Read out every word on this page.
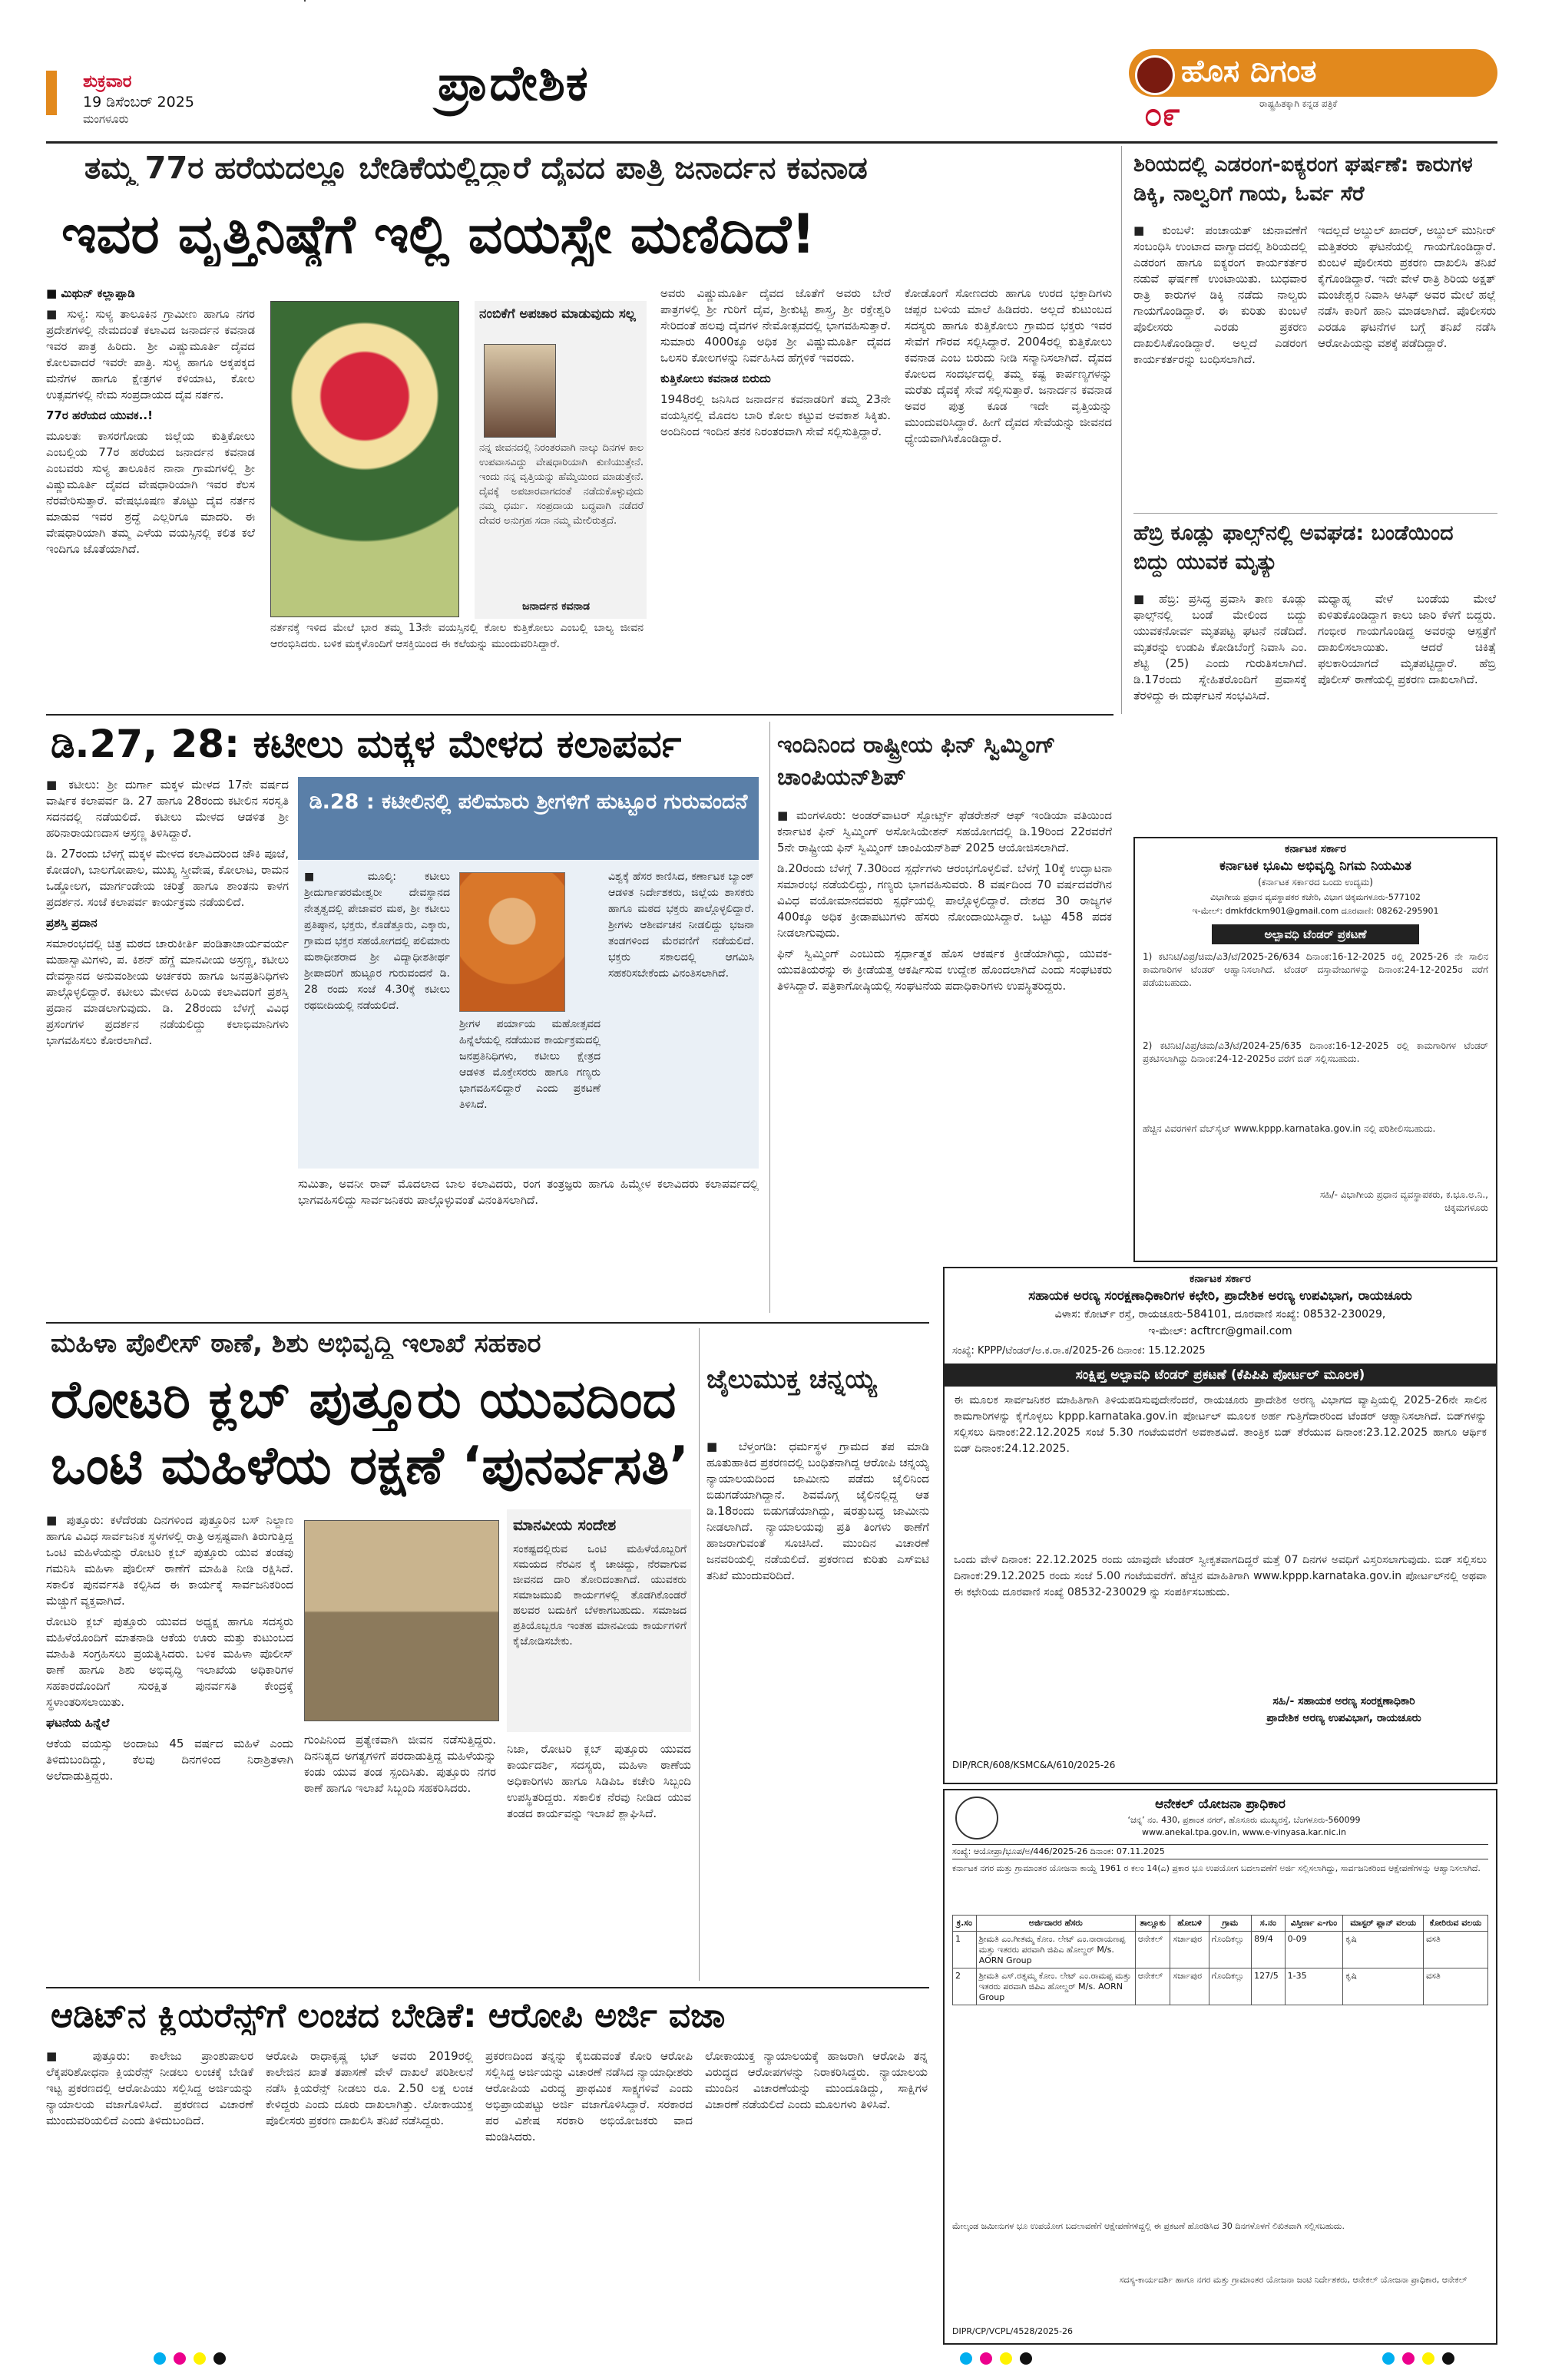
ಶುಕ್ರವಾರ
19 ಡಿಸೆಂಬರ್ 2025
ಮಂಗಳೂರು
ಪ್ರಾದೇಶಿಕ	ಹೊಸ ದಿಗಂತ
ರಾಷ್ಟ್ರಹಿತಕ್ಕಾಗಿ ಕನ್ನಡ ಪತ್ರಿಕೆ
೦೯
ತಮ್ಮ 77ರ ಹರೆಯದಲ್ಲೂ ಬೇಡಿಕೆಯಲ್ಲಿದ್ದಾರೆ ದೈವದ ಪಾತ್ರಿ ಜನಾರ್ದನ ಕವನಾಡ
ಇವರ ವೃತ್ತಿನಿಷ್ಠೆಗೆ ಇಲ್ಲಿ ವಯಸ್ಸೇ ಮಣಿದಿದೆ!

■ ಮಿಥುನ್ ಕಲ್ಲಾಪ್ಪಾಡಿ

■ ಸುಳ್ಯ: ಸುಳ್ಯ ತಾಲೂಕಿನ ಗ್ರಾಮೀಣ ಹಾಗೂ ನಗರ ಪ್ರದೇಶಗಳಲ್ಲಿ ನೇಮದಂತೆ ಕಲಾವಿದ ಜನಾರ್ದನ ಕವನಾಡ ಇವರ ಪಾತ್ರ ಹಿರಿದು. ಶ್ರೀ ವಿಷ್ಣುಮೂರ್ತಿ ದೈವದ ಕೋಲವಾದರೆ ಇವರೇ ಪಾತ್ರಿ. ಸುಳ್ಯ ಹಾಗೂ ಅಕ್ಕಪಕ್ಕದ ಮನೆಗಳ ಹಾಗೂ ಕ್ಷೇತ್ರಗಳ ಕಳಿಯಾಟ, ಕೋಲ ಉತ್ಸವಗಳಲ್ಲಿ ನೇಮ ಸಂಪ್ರದಾಯದ ದೈವ ನರ್ತನ.

77ರ ಹರೆಯದ ಯುವಕ..!

ಮೂಲತಃ ಕಾಸರಗೋಡು ಜಿಲ್ಲೆಯ ಕುತ್ತಿಕೋಲು ಎಂಬಲ್ಲಿಯ 77ರ ಹರೆಯದ ಜನಾರ್ದನ ಕವನಾಡ ಎಂಬವರು ಸುಳ್ಯ ತಾಲೂಕಿನ ನಾನಾ ಗ್ರಾಮಗಳಲ್ಲಿ ಶ್ರೀ ವಿಷ್ಣುಮೂರ್ತಿ ದೈವದ ವೇಷಧಾರಿಯಾಗಿ ಇವರ ಕೆಲಸ ನೆರವೇರಿಸುತ್ತಾರೆ. ವೇಷಭೂಷಣ ತೊಟ್ಟು ದೈವ ನರ್ತನ ಮಾಡುವ ಇವರ ಶ್ರದ್ಧೆ ಎಲ್ಲರಿಗೂ ಮಾದರಿ. ಈ ವೇಷಧಾರಿಯಾಗಿ ತಮ್ಮ ಎಳೆಯ ವಯಸ್ಸಿನಲ್ಲಿ ಕಲಿತ ಕಲೆ ಇಂದಿಗೂ ಜೊತೆಯಾಗಿದೆ.

ನರ್ತನಕ್ಕೆ ಇಳಿದ ಮೇಲೆ ಭಾರ ತಮ್ಮ 13ನೇ ವಯಸ್ಸಿನಲ್ಲಿ ಕೋಲ ಕುತ್ತಿಕೋಲು ಎಂಬಲ್ಲಿ ಬಾಲ್ಯ ಜೀವನ ಆರಂಭಿಸಿದರು. ಬಳಿಕ ಮಕ್ಕಳೊಂದಿಗೆ ಆಸಕ್ತಿಯಿಂದ ಈ ಕಲೆಯನ್ನು ಮುಂದುವರಿಸಿದ್ದಾರೆ.
ನಂಬಿಕೆಗೆ ಅಪಚಾರ ಮಾಡುವುದು ಸಲ್ಲ
ನನ್ನ ಜೀವನದಲ್ಲಿ ನಿರಂತರವಾಗಿ ನಾಲ್ಕು ದಿನಗಳ ಕಾಲ ಉಪವಾಸವಿದ್ದು ವೇಷಧಾರಿಯಾಗಿ ಕುಣಿಯುತ್ತೇನೆ. ಇಂದು ನನ್ನ ವೃತ್ತಿಯನ್ನು ಹೆಮ್ಮೆಯಿಂದ ಮಾಡುತ್ತೇನೆ. ದೈವಕ್ಕೆ ಅಪಚಾರವಾಗದಂತೆ ನಡೆದುಕೊಳ್ಳುವುದು ನಮ್ಮ ಧರ್ಮ. ಸಂಪ್ರದಾಯ ಬದ್ಧವಾಗಿ ನಡೆದರೆ ದೇವರ ಅನುಗ್ರಹ ಸದಾ ನಮ್ಮ ಮೇಲಿರುತ್ತದೆ.
ಜನಾರ್ದನ ಕವನಾಡ

ಅವರು ವಿಷ್ಣುಮೂರ್ತಿ ದೈವದ ಜೊತೆಗೆ ಅವರು ಬೇರೆ ಪಾತ್ರಗಳಲ್ಲಿ ಶ್ರೀ ಗುರಿಗೆ ದೈವ, ಶ್ರೀಕುಟ್ಟಿ ಶಾಸ್ತ್ರ, ಶ್ರೀ ರಕ್ತೇಶ್ವರಿ ಸೇರಿದಂತೆ ಹಲವು ದೈವಗಳ ನೇಮೋತ್ಸವದಲ್ಲಿ ಭಾಗವಹಿಸುತ್ತಾರೆ. ಸುಮಾರು 4000ಕ್ಕೂ ಅಧಿಕ ಶ್ರೀ ವಿಷ್ಣುಮೂರ್ತಿ ದೈವದ ಒಲಸರಿ ಕೋಲಗಳನ್ನು ನಿರ್ವಹಿಸಿದ ಹೆಗ್ಗಳಿಕೆ ಇವರದು.

ಕುತ್ತಿಕೋಲು ಕವನಾಡ ಬಿರುದು

1948ರಲ್ಲಿ ಜನಿಸಿದ ಜನಾರ್ದನ ಕವನಾಡರಿಗೆ ತಮ್ಮ 23ನೇ ವಯಸ್ಸಿನಲ್ಲಿ ಮೊದಲ ಬಾರಿ ಕೋಲ ಕಟ್ಟುವ ಅವಕಾಶ ಸಿಕ್ಕಿತು. ಅಂದಿನಿಂದ ಇಂದಿನ ತನಕ ನಿರಂತರವಾಗಿ ಸೇವೆ ಸಲ್ಲಿಸುತ್ತಿದ್ದಾರೆ.

ಕೋಡೊಂಗೆ ಸೋಣದರು ಹಾಗೂ ಉರದ ಭಕ್ತಾದಿಗಳು ಚಪ್ಪರ ಬಳಿಯ ಮಾಲೆ ಹಿಡಿದರು. ಅಲ್ಲದೆ ಕುಟುಂಬದ ಸದಸ್ಯರು ಹಾಗೂ ಕುತ್ತಿಕೋಲು ಗ್ರಾಮದ ಭಕ್ತರು ಇವರ ಸೇವೆಗೆ ಗೌರವ ಸಲ್ಲಿಸಿದ್ದಾರೆ. 2004ರಲ್ಲಿ ಕುತ್ತಿಕೋಲು ಕವನಾಡ ಎಂಬ ಬಿರುದು ನೀಡಿ ಸನ್ಮಾನಿಸಲಾಗಿದೆ. ದೈವದ ಕೋಲದ ಸಂದರ್ಭದಲ್ಲಿ ತಮ್ಮ ಕಷ್ಟ ಕಾರ್ಪಣ್ಯಗಳನ್ನು ಮರೆತು ದೈವಕ್ಕೆ ಸೇವೆ ಸಲ್ಲಿಸುತ್ತಾರೆ. ಜನಾರ್ದನ ಕವನಾಡ ಅವರ ಪುತ್ರ ಕೂಡ ಇದೇ ವೃತ್ತಿಯನ್ನು ಮುಂದುವರಿಸಿದ್ದಾರೆ. ಹೀಗೆ ದೈವದ ಸೇವೆಯನ್ನು ಜೀವನದ ಧ್ಯೇಯವಾಗಿಸಿಕೊಂಡಿದ್ದಾರೆ.
ಶಿರಿಯದಲ್ಲಿ ಎಡರಂಗ-ಐಕ್ಯರಂಗ ಘರ್ಷಣೆ: ಕಾರುಗಳ ಡಿಕ್ಕಿ, ನಾಲ್ವರಿಗೆ ಗಾಯ, ಓರ್ವ ಸೆರೆ
■ ಕುಂಬಳೆ: ಪಂಚಾಯತ್ ಚುನಾವಣೆಗೆ ಸಂಬಂಧಿಸಿ ಉಂಟಾದ ವಾಗ್ವಾದದಲ್ಲಿ ಶಿರಿಯದಲ್ಲಿ ಎಡರಂಗ ಹಾಗೂ ಐಕ್ಯರಂಗ ಕಾರ್ಯಕರ್ತರ ನಡುವೆ ಘರ್ಷಣೆ ಉಂಟಾಯಿತು. ಬುಧವಾರ ರಾತ್ರಿ ಕಾರುಗಳ ಡಿಕ್ಕಿ ನಡೆದು ನಾಲ್ವರು ಗಾಯಗೊಂಡಿದ್ದಾರೆ. ಈ ಕುರಿತು ಕುಂಬಳೆ ಪೊಲೀಸರು ಎರಡು ಪ್ರಕರಣ ದಾಖಲಿಸಿಕೊಂಡಿದ್ದಾರೆ. ಅಲ್ಲದೆ ಎಡರಂಗ ಕಾರ್ಯಕರ್ತರನ್ನು ಬಂಧಿಸಲಾಗಿದೆ.
ಇದಲ್ಲದೆ ಅಬ್ದುಲ್ ಖಾದರ್, ಅಬ್ದುಲ್ ಮುನೀರ್ ಮತ್ತಿತರರು ಘಟನೆಯಲ್ಲಿ ಗಾಯಗೊಂಡಿದ್ದಾರೆ. ಕುಂಬಳೆ ಪೊಲೀಸರು ಪ್ರಕರಣ ದಾಖಲಿಸಿ ತನಿಖೆ ಕೈಗೊಂಡಿದ್ದಾರೆ. ಇದೇ ವೇಳೆ ರಾತ್ರಿ ಶಿರಿಯ ಅಕ್ಷತ್ ಮಂಜೇಶ್ವರ ನಿವಾಸಿ ಆಸಿಫ್ ಅವರ ಮೇಲೆ ಹಲ್ಲೆ ನಡೆಸಿ ಕಾರಿಗೆ ಹಾನಿ ಮಾಡಲಾಗಿದೆ. ಪೊಲೀಸರು ಎರಡೂ ಘಟನೆಗಳ ಬಗ್ಗೆ ತನಿಖೆ ನಡೆಸಿ ಆರೋಪಿಯನ್ನು ವಶಕ್ಕೆ ಪಡೆದಿದ್ದಾರೆ.
ಹೆಬ್ರಿ ಕೂಡ್ಲು ಫಾಲ್ಸ್‌ನಲ್ಲಿ ಅವಘಡ: ಬಂಡೆಯಿಂದ ಬಿದ್ದು ಯುವಕ ಮೃತ್ಯು
■ ಹೆಬ್ರಿ: ಪ್ರಸಿದ್ಧ ಪ್ರವಾಸಿ ತಾಣ ಕೂಡ್ಲು ಫಾಲ್ಸ್‌ನಲ್ಲಿ ಬಂಡೆ ಮೇಲಿಂದ ಬಿದ್ದು ಯುವಕನೋರ್ವ ಮೃತಪಟ್ಟ ಘಟನೆ ನಡೆದಿದೆ. ಮೃತರನ್ನು ಉಡುಪಿ ಕೋಡಿಬೆಂಗ್ರೆ ನಿವಾಸಿ ಎಂ. ಶೆಟ್ಟಿ (25) ಎಂದು ಗುರುತಿಸಲಾಗಿದೆ. ಡಿ.17ರಂದು ಸ್ನೇಹಿತರೊಂದಿಗೆ ಪ್ರವಾಸಕ್ಕೆ ತೆರಳಿದ್ದು ಈ ದುರ್ಘಟನೆ ಸಂಭವಿಸಿದೆ.
ಮಧ್ಯಾಹ್ನ ವೇಳೆ ಬಂಡೆಯ ಮೇಲೆ ಕುಳಿತುಕೊಂಡಿದ್ದಾಗ ಕಾಲು ಜಾರಿ ಕೆಳಗೆ ಬಿದ್ದರು. ಗಂಭೀರ ಗಾಯಗೊಂಡಿದ್ದ ಅವರನ್ನು ಆಸ್ಪತ್ರೆಗೆ ದಾಖಲಿಸಲಾಯಿತು. ಆದರೆ ಚಿಕಿತ್ಸೆ ಫಲಕಾರಿಯಾಗದೆ ಮೃತಪಟ್ಟಿದ್ದಾರೆ. ಹೆಬ್ರಿ ಪೊಲೀಸ್ ಠಾಣೆಯಲ್ಲಿ ಪ್ರಕರಣ ದಾಖಲಾಗಿದೆ.
ಡಿ.27, 28: ಕಟೀಲು ಮಕ್ಕಳ ಮೇಳದ ಕಲಾಪರ್ವ

■ ಕಟೀಲು: ಶ್ರೀ ದುರ್ಗಾ ಮಕ್ಕಳ ಮೇಳದ 17ನೇ ವರ್ಷದ ವಾರ್ಷಿಕ ಕಲಾಪರ್ವ ಡಿ. 27 ಹಾಗೂ 28ರಂದು ಕಟೀಲಿನ ಸರಸ್ವತಿ ಸದನದಲ್ಲಿ ನಡೆಯಲಿದೆ. ಕಟೀಲು ಮೇಳದ ಆಡಳಿತ ಶ್ರೀ ಹರಿನಾರಾಯಣದಾಸ ಆಸ್ರಣ್ಣ ತಿಳಿಸಿದ್ದಾರೆ.

ಡಿ. 27ರಂದು ಬೆಳಗ್ಗೆ ಮಕ್ಕಳ ಮೇಳದ ಕಲಾವಿದರಿಂದ ಚೌಕಿ ಪೂಜೆ, ಕೋಡಂಗಿ, ಬಾಲಗೋಪಾಲ, ಮುಖ್ಯ ಸ್ತ್ರೀವೇಷ, ಕೋಲಾಟ, ರಾಮನ ಒಡ್ಡೋಲಗ, ಮಾರ್ಗಂಡೇಯ ಚರಿತ್ರೆ ಹಾಗೂ ಶಾಂತನು ಕಾಳಗ ಪ್ರದರ್ಶನ. ಸಂಜೆ ಕಲಾಪರ್ವ ಕಾರ್ಯಕ್ರಮ ನಡೆಯಲಿದೆ.

ಪ್ರಶಸ್ತಿ ಪ್ರದಾನ

ಸಮಾರಂಭದಲ್ಲಿ ಚಿತ್ರ ಮಠದ ಚಾರುಕೀರ್ತಿ ಪಂಡಿತಾಚಾರ್ಯವರ್ಯ ಮಹಾಸ್ವಾಮಿಗಳು, ಪ. ಕಿಶನ್ ಹೆಗ್ಡೆ ಮಾನವೀಯ ಅಸ್ರಣ್ಣ, ಕಟೀಲು ದೇವಸ್ಥಾನದ ಅನುವಂಶೀಯ ಅರ್ಚಕರು ಹಾಗೂ ಜನಪ್ರತಿನಿಧಿಗಳು ಪಾಲ್ಗೊಳ್ಳಲಿದ್ದಾರೆ. ಕಟೀಲು ಮೇಳದ ಹಿರಿಯ ಕಲಾವಿದರಿಗೆ ಪ್ರಶಸ್ತಿ ಪ್ರದಾನ ಮಾಡಲಾಗುವುದು. ಡಿ. 28ರಂದು ಬೆಳಗ್ಗೆ ವಿವಿಧ ಪ್ರಸಂಗಗಳ ಪ್ರದರ್ಶನ ನಡೆಯಲಿದ್ದು ಕಲಾಭಿಮಾನಿಗಳು ಭಾಗವಹಿಸಲು ಕೋರಲಾಗಿದೆ.

ಡಿ.28 : ಕಟೀಲಿನಲ್ಲಿ ಪಲಿಮಾರು ಶ್ರೀಗಳಿಗೆ ಹುಟ್ಟೂರ ಗುರುವಂದನೆ
■ ಮೂಲ್ಕಿ: ಕಟೀಲು ಶ್ರೀದುರ್ಗಾಪರಮೇಶ್ವರೀ ದೇವಸ್ಥಾನದ ನೇತೃತ್ವದಲ್ಲಿ ಪೇಜಾವರ ಮಠ, ಶ್ರೀ ಕಟೀಲು ಪ್ರತಿಷ್ಠಾನ, ಭಕ್ತರು, ಕೊಡೆತ್ತೂರು, ಎಕ್ಕಾರು, ಗ್ರಾಮದ ಭಕ್ತರ ಸಹಯೋಗದಲ್ಲಿ ಪಲಿಮಾರು ಮಠಾಧೀಶರಾದ ಶ್ರೀ ವಿದ್ಯಾಧೀಶತೀರ್ಥ ಶ್ರೀಪಾದರಿಗೆ ಹುಟ್ಟೂರ ಗುರುವಂದನೆ ಡಿ. 28 ರಂದು ಸಂಜೆ 4.30ಕ್ಕೆ ಕಟೀಲು ರಥಬೀದಿಯಲ್ಲಿ ನಡೆಯಲಿದೆ.
ಶ್ರೀಗಳ ಪರ್ಯಾಯ ಮಹೋತ್ಸವದ ಹಿನ್ನೆಲೆಯಲ್ಲಿ ನಡೆಯುವ ಕಾರ್ಯಕ್ರಮದಲ್ಲಿ ಜನಪ್ರತಿನಿಧಿಗಳು, ಕಟೀಲು ಕ್ಷೇತ್ರದ ಆಡಳಿತ ಮೊಕ್ತೇಸರರು ಹಾಗೂ ಗಣ್ಯರು ಭಾಗವಹಿಸಲಿದ್ದಾರೆ ಎಂದು ಪ್ರಕಟಣೆ ತಿಳಿಸಿದೆ.
ವಿಶ್ವಕ್ಕೆ ಹೆಸರ ಕಾಣಿಸಿದ, ಕರ್ಣಾಟಕ ಬ್ಯಾಂಕ್ ಆಡಳಿತ ನಿರ್ದೇಶಕರು, ಜಿಲ್ಲೆಯ ಶಾಸಕರು ಹಾಗೂ ಮಠದ ಭಕ್ತರು ಪಾಲ್ಗೊಳ್ಳಲಿದ್ದಾರೆ. ಶ್ರೀಗಳು ಆಶೀರ್ವಚನ ನೀಡಲಿದ್ದು ಭಜನಾ ತಂಡಗಳಿಂದ ಮೆರವಣಿಗೆ ನಡೆಯಲಿದೆ. ಭಕ್ತರು ಸಕಾಲದಲ್ಲಿ ಆಗಮಿಸಿ ಸಹಕರಿಸಬೇಕೆಂದು ವಿನಂತಿಸಲಾಗಿದೆ.
ಸುಮಿತಾ, ಅವನೀ ರಾವ್ ಮೊದಲಾದ ಬಾಲ ಕಲಾವಿದರು, ರಂಗ ತಂತ್ರಜ್ಞರು ಹಾಗೂ ಹಿಮ್ಮೇಳ ಕಲಾವಿದರು ಕಲಾಪರ್ವದಲ್ಲಿ ಭಾಗವಹಿಸಲಿದ್ದು ಸಾರ್ವಜನಿಕರು ಪಾಲ್ಗೊಳ್ಳುವಂತೆ ವಿನಂತಿಸಲಾಗಿದೆ.
ಇಂದಿನಿಂದ ರಾಷ್ಟ್ರೀಯ ಫಿನ್ ಸ್ವಿಮ್ಮಿಂಗ್ ಚಾಂಪಿಯನ್‌ಶಿಪ್

■ ಮಂಗಳೂರು: ಅಂಡರ್‌ವಾಟರ್ ಸ್ಪೋರ್ಟ್ಸ್ ಫೆಡರೇಶನ್ ಆಫ್ ಇಂಡಿಯಾ ವತಿಯಿಂದ ಕರ್ನಾಟಕ ಫಿನ್ ಸ್ವಿಮ್ಮಿಂಗ್ ಅಸೋಸಿಯೇಶನ್ ಸಹಯೋಗದಲ್ಲಿ ಡಿ.19ರಿಂದ 22ರವರೆಗೆ 5ನೇ ರಾಷ್ಟ್ರೀಯ ಫಿನ್ ಸ್ವಿಮ್ಮಿಂಗ್ ಚಾಂಪಿಯನ್‌ಶಿಪ್ 2025 ಆಯೋಜಿಸಲಾಗಿದೆ.

ಡಿ.20ರಂದು ಬೆಳಗ್ಗೆ 7.30ರಿಂದ ಸ್ಪರ್ಧೆಗಳು ಆರಂಭಗೊಳ್ಳಲಿವೆ. ಬೆಳಗ್ಗೆ 10ಕ್ಕೆ ಉದ್ಘಾಟನಾ ಸಮಾರಂಭ ನಡೆಯಲಿದ್ದು, ಗಣ್ಯರು ಭಾಗವಹಿಸುವರು. 8 ವರ್ಷದಿಂದ 70 ವರ್ಷದವರೆಗಿನ ವಿವಿಧ ವಯೋಮಾನದವರು ಸ್ಪರ್ಧೆಯಲ್ಲಿ ಪಾಲ್ಗೊಳ್ಳಲಿದ್ದಾರೆ. ದೇಶದ 30 ರಾಜ್ಯಗಳ 400ಕ್ಕೂ ಅಧಿಕ ಕ್ರೀಡಾಪಟುಗಳು ಹೆಸರು ನೋಂದಾಯಿಸಿದ್ದಾರೆ. ಒಟ್ಟು 458 ಪದಕ ನೀಡಲಾಗುವುದು.

ಫಿನ್ ಸ್ವಿಮ್ಮಿಂಗ್ ಎಂಬುದು ಸ್ಪರ್ಧಾತ್ಮಕ ಹೊಸ ಆಕರ್ಷಕ ಕ್ರೀಡೆಯಾಗಿದ್ದು, ಯುವಕ-ಯುವತಿಯರನ್ನು ಈ ಕ್ರೀಡೆಯತ್ತ ಆಕರ್ಷಿಸುವ ಉದ್ದೇಶ ಹೊಂದಲಾಗಿದೆ ಎಂದು ಸಂಘಟಕರು ತಿಳಿಸಿದ್ದಾರೆ. ಪತ್ರಿಕಾಗೋಷ್ಠಿಯಲ್ಲಿ ಸಂಘಟನೆಯ ಪದಾಧಿಕಾರಿಗಳು ಉಪಸ್ಥಿತರಿದ್ದರು.

ಕರ್ನಾಟಕ ಸರ್ಕಾರ
ಕರ್ನಾಟಕ ಭೂಮಿ ಅಭಿವೃದ್ಧಿ ನಿಗಮ ನಿಯಮಿತ
(ಕರ್ನಾಟಕ ಸರ್ಕಾರದ ಒಂದು ಉದ್ಯಮ)
ವಿಭಾಗೀಯ ಪ್ರಧಾನ ವ್ಯವಸ್ಥಾಪಕರ ಕಚೇರಿ, ವಿಭಾಗ ಚಿಕ್ಕಮಗಳೂರು-577102
ಇ-ಮೇಲ್: dmkfdckm901@gmail.com ದೂರವಾಣಿ: 08262-295901
ಅಲ್ಪಾವಧಿ ಟೆಂಡರ್ ಪ್ರಕಟಣೆ
1) ಕಟಿನಿಟಿ/ವಿಪ್ರ/ಚಿಮ/ವಿ3/ಟೆ/2025-26/634 ದಿನಾಂಕ:16-12-2025 ರಲ್ಲಿ 2025-26 ನೇ ಸಾಲಿನ ಕಾಮಗಾರಿಗಳ ಟೆಂಡರ್ ಆಹ್ವಾನಿಸಲಾಗಿದೆ. ಟೆಂಡರ್ ದಸ್ತಾವೇಜುಗಳನ್ನು ದಿನಾಂಕ:24-12-2025ರ ವರೆಗೆ ಪಡೆಯಬಹುದು.
2) ಕಟಿನಿಟಿ/ವಿಪ್ರ/ಚಿಮ/ವಿ3/ಟೆ/2024-25/635 ದಿನಾಂಕ:16-12-2025 ರಲ್ಲಿ ಕಾಮಗಾರಿಗಳ ಟೆಂಡರ್ ಪ್ರಕಟಿಸಲಾಗಿದ್ದು ದಿನಾಂಕ:24-12-2025ರ ವರೆಗೆ ಬಿಡ್ ಸಲ್ಲಿಸಬಹುದು.
ಹೆಚ್ಚಿನ ವಿವರಗಳಿಗೆ ವೆಬ್‌ಸೈಟ್ www.kppp.karnataka.gov.in ನಲ್ಲಿ ಪರಿಶೀಲಿಸಬಹುದು.
ಸಹಿ/- ವಿಭಾಗೀಯ ಪ್ರಧಾನ ವ್ಯವಸ್ಥಾಪಕರು, ಕ.ಭೂ.ಅ.ನಿ., ಚಿಕ್ಕಮಗಳೂರು
ಮಹಿಳಾ ಪೊಲೀಸ್ ಠಾಣೆ, ಶಿಶು ಅಭಿವೃದ್ಧಿ ಇಲಾಖೆ ಸಹಕಾರ
ರೋಟರಿ ಕ್ಲಬ್ ಪುತ್ತೂರು ಯುವದಿಂದ
ಒಂಟಿ ಮಹಿಳೆಯ ರಕ್ಷಣೆ ‘ಪುನರ್ವಸತಿ’

■ ಪುತ್ತೂರು: ಕಳೆದೆರಡು ದಿನಗಳಿಂದ ಪುತ್ತೂರಿನ ಬಸ್ ನಿಲ್ದಾಣ ಹಾಗೂ ವಿವಿಧ ಸಾರ್ವಜನಿಕ ಸ್ಥಳಗಳಲ್ಲಿ ರಾತ್ರಿ ಅಸ್ಪಷ್ಟವಾಗಿ ತಿರುಗುತ್ತಿದ್ದ ಒಂಟಿ ಮಹಿಳೆಯನ್ನು ರೋಟರಿ ಕ್ಲಬ್ ಪುತ್ತೂರು ಯುವ ತಂಡವು ಗಮನಿಸಿ ಮಹಿಳಾ ಪೊಲೀಸ್ ಠಾಣೆಗೆ ಮಾಹಿತಿ ನೀಡಿ ರಕ್ಷಿಸಿದೆ. ಸಕಾಲಿಕ ಪುನರ್ವಸತಿ ಕಲ್ಪಿಸಿದ ಈ ಕಾರ್ಯಕ್ಕೆ ಸಾರ್ವಜನಿಕರಿಂದ ಮೆಚ್ಚುಗೆ ವ್ಯಕ್ತವಾಗಿದೆ.

ರೋಟರಿ ಕ್ಲಬ್ ಪುತ್ತೂರು ಯುವದ ಅಧ್ಯಕ್ಷ ಹಾಗೂ ಸದಸ್ಯರು ಮಹಿಳೆಯೊಂದಿಗೆ ಮಾತನಾಡಿ ಆಕೆಯ ಊರು ಮತ್ತು ಕುಟುಂಬದ ಮಾಹಿತಿ ಸಂಗ್ರಹಿಸಲು ಪ್ರಯತ್ನಿಸಿದರು. ಬಳಿಕ ಮಹಿಳಾ ಪೊಲೀಸ್ ಠಾಣೆ ಹಾಗೂ ಶಿಶು ಅಭಿವೃದ್ಧಿ ಇಲಾಖೆಯ ಅಧಿಕಾರಿಗಳ ಸಹಕಾರದೊಂದಿಗೆ ಸುರಕ್ಷಿತ ಪುನರ್ವಸತಿ ಕೇಂದ್ರಕ್ಕೆ ಸ್ಥಳಾಂತರಿಸಲಾಯಿತು.

ಘಟನೆಯ ಹಿನ್ನೆಲೆ

ಆಕೆಯ ವಯಸ್ಸು ಅಂದಾಜು 45 ವರ್ಷದ ಮಹಿಳೆ ಎಂದು ತಿಳಿದುಬಂದಿದ್ದು, ಕೆಲವು ದಿನಗಳಿಂದ ನಿರಾಶ್ರಿತಳಾಗಿ ಅಲೆದಾಡುತ್ತಿದ್ದರು.

ಮಾನವೀಯ ಸಂದೇಶ
ಸಂಕಷ್ಟದಲ್ಲಿರುವ ಒಂಟಿ ಮಹಿಳೆಯೊಬ್ಬರಿಗೆ ಸಮಯದ ನೆರವಿನ ಕೈ ಚಾಚಿದ್ದು, ನೆರವಾಗುವ ಜೀವನದ ದಾರಿ ತೋರಿದಂತಾಗಿದೆ. ಯುವಕರು ಸಮಾಜಮುಖಿ ಕಾರ್ಯಗಳಲ್ಲಿ ತೊಡಗಿಕೊಂಡರೆ ಹಲವರ ಬದುಕಿಗೆ ಬೆಳಕಾಗಬಹುದು. ಸಮಾಜದ ಪ್ರತಿಯೊಬ್ಬರೂ ಇಂತಹ ಮಾನವೀಯ ಕಾರ್ಯಗಳಿಗೆ ಕೈಜೋಡಿಸಬೇಕು.
ಗುಂಪಿನಿಂದ ಪ್ರತ್ಯೇಕವಾಗಿ ಜೀವನ ನಡೆಸುತ್ತಿದ್ದರು. ದಿನನಿತ್ಯದ ಅಗತ್ಯಗಳಿಗೆ ಪರದಾಡುತ್ತಿದ್ದ ಮಹಿಳೆಯನ್ನು ಕಂಡು ಯುವ ತಂಡ ಸ್ಪಂದಿಸಿತು. ಪುತ್ತೂರು ನಗರ ಠಾಣೆ ಹಾಗೂ ಇಲಾಖೆ ಸಿಬ್ಬಂದಿ ಸಹಕರಿಸಿದರು.
ನಿಜಾ, ರೋಟರಿ ಕ್ಲಬ್ ಪುತ್ತೂರು ಯುವದ ಕಾರ್ಯದರ್ಶಿ, ಸದಸ್ಯರು, ಮಹಿಳಾ ಠಾಣೆಯ ಅಧಿಕಾರಿಗಳು ಹಾಗೂ ಸಿಡಿಪಿಒ ಕಚೇರಿ ಸಿಬ್ಬಂದಿ ಉಪಸ್ಥಿತರಿದ್ದರು. ಸಕಾಲಿಕ ನೆರವು ನೀಡಿದ ಯುವ ತಂಡದ ಕಾರ್ಯವನ್ನು ಇಲಾಖೆ ಶ್ಲಾಘಿಸಿದೆ.
ಜೈಲುಮುಕ್ತ ಚನ್ನಯ್ಯ
■ ಬೆಳ್ತಂಗಡಿ: ಧರ್ಮಸ್ಥಳ ಗ್ರಾಮದ ತಪ ಮಾಡಿ ಹೂತುಹಾಕಿದ ಪ್ರಕರಣದಲ್ಲಿ ಬಂಧಿತನಾಗಿದ್ದ ಆರೋಪಿ ಚನ್ನಯ್ಯ ನ್ಯಾಯಾಲಯದಿಂದ ಜಾಮೀನು ಪಡೆದು ಜೈಲಿನಿಂದ ಬಿಡುಗಡೆಯಾಗಿದ್ದಾನೆ. ಶಿವಮೊಗ್ಗ ಜೈಲಿನಲ್ಲಿದ್ದ ಆತ ಡಿ.18ರಂದು ಬಿಡುಗಡೆಯಾಗಿದ್ದು, ಷರತ್ತುಬದ್ಧ ಜಾಮೀನು ನೀಡಲಾಗಿದೆ. ನ್ಯಾಯಾಲಯವು ಪ್ರತಿ ತಿಂಗಳು ಠಾಣೆಗೆ ಹಾಜರಾಗುವಂತೆ ಸೂಚಿಸಿದೆ. ಮುಂದಿನ ವಿಚಾರಣೆ ಜನವರಿಯಲ್ಲಿ ನಡೆಯಲಿದೆ. ಪ್ರಕರಣದ ಕುರಿತು ಎಸ್‌ಐಟಿ ತನಿಖೆ ಮುಂದುವರಿದಿದೆ.
ಕರ್ನಾಟಕ ಸರ್ಕಾರ
ಸಹಾಯಕ ಅರಣ್ಯ ಸಂರಕ್ಷಣಾಧಿಕಾರಿಗಳ ಕಛೇರಿ, ಪ್ರಾದೇಶಿಕ ಅರಣ್ಯ ಉಪವಿಭಾಗ, ರಾಯಚೂರು
ವಿಳಾಸ: ಕೋರ್ಟ್ ರಸ್ತೆ, ರಾಯಚೂರು-584101, ದೂರವಾಣಿ ಸಂಖ್ಯೆ: 08532-230029,
ಇ-ಮೇಲ್: acftrcr@gmail.com
ಸಂಖ್ಯೆ: KPPP/ಟೆಂಡರ್/ಅ.ಕ.ರಾ.ಕ/2025-26 ದಿನಾಂಕ: 15.12.2025
ಸಂಕ್ಷಿಪ್ತ ಅಲ್ಪಾವಧಿ ಟೆಂಡರ್ ಪ್ರಕಟಣೆ (ಕೆಪಿಪಿಪಿ ಪೋರ್ಟಲ್ ಮೂಲಕ)
ಈ ಮೂಲಕ ಸಾರ್ವಜನಿಕರ ಮಾಹಿತಿಗಾಗಿ ತಿಳಿಯಪಡಿಸುವುದೇನೆಂದರೆ, ರಾಯಚೂರು ಪ್ರಾದೇಶಿಕ ಅರಣ್ಯ ವಿಭಾಗದ ವ್ಯಾಪ್ತಿಯಲ್ಲಿ 2025-26ನೇ ಸಾಲಿನ ಕಾಮಗಾರಿಗಳನ್ನು ಕೈಗೊಳ್ಳಲು kppp.karnataka.gov.in ಪೋರ್ಟಲ್ ಮೂಲಕ ಅರ್ಹ ಗುತ್ತಿಗೆದಾರರಿಂದ ಟೆಂಡರ್ ಆಹ್ವಾನಿಸಲಾಗಿದೆ. ಬಿಡ್‌ಗಳನ್ನು ಸಲ್ಲಿಸಲು ದಿನಾಂಕ:22.12.2025 ಸಂಜೆ 5.30 ಗಂಟೆಯವರೆಗೆ ಅವಕಾಶವಿದೆ. ತಾಂತ್ರಿಕ ಬಿಡ್ ತೆರೆಯುವ ದಿನಾಂಕ:23.12.2025 ಹಾಗೂ ಆರ್ಥಿಕ ಬಿಡ್ ದಿನಾಂಕ:24.12.2025.
ಒಂದು ವೇಳೆ ದಿನಾಂಕ: 22.12.2025 ರಂದು ಯಾವುದೇ ಟೆಂಡರ್ ಸ್ವೀಕೃತವಾಗದಿದ್ದರೆ ಮತ್ತೆ 07 ದಿನಗಳ ಅವಧಿಗೆ ವಿಸ್ತರಿಸಲಾಗುವುದು. ಬಿಡ್ ಸಲ್ಲಿಸಲು ದಿನಾಂಕ:29.12.2025 ರಂದು ಸಂಜೆ 5.00 ಗಂಟೆಯವರೆಗೆ. ಹೆಚ್ಚಿನ ಮಾಹಿತಿಗಾಗಿ www.kppp.karnataka.gov.in ಪೋರ್ಟಲ್‌ನಲ್ಲಿ ಅಥವಾ ಈ ಕಛೇರಿಯ ದೂರವಾಣಿ ಸಂಖ್ಯೆ 08532-230029 ನ್ನು ಸಂಪರ್ಕಿಸಬಹುದು.
ಸಹಿ/- ಸಹಾಯಕ ಅರಣ್ಯ ಸಂರಕ್ಷಣಾಧಿಕಾರಿ
ಪ್ರಾದೇಶಿಕ ಅರಣ್ಯ ಉಪವಿಭಾಗ, ರಾಯಚೂರು
DIP/RCR/608/KSMC&A/610/2025-26
ಆಡಿಟ್‌ನ ಕ್ಲಿಯರೆನ್ಸ್‌ಗೆ ಲಂಚದ ಬೇಡಿಕೆ: ಆರೋಪಿ ಅರ್ಜಿ ವಜಾ
■ ಪುತ್ತೂರು: ಕಾಲೇಜು ಪ್ರಾಂಶುಪಾಲರ ಲೆಕ್ಕಪರಿಶೋಧನಾ ಕ್ಲಿಯರೆನ್ಸ್ ನೀಡಲು ಲಂಚಕ್ಕೆ ಬೇಡಿಕೆ ಇಟ್ಟ ಪ್ರಕರಣದಲ್ಲಿ ಆರೋಪಿಯು ಸಲ್ಲಿಸಿದ್ದ ಅರ್ಜಿಯನ್ನು ನ್ಯಾಯಾಲಯ ವಜಾಗೊಳಿಸಿದೆ. ಪ್ರಕರಣದ ವಿಚಾರಣೆ ಮುಂದುವರಿಯಲಿದೆ ಎಂದು ತಿಳಿದುಬಂದಿದೆ.
ಆರೋಪಿ ರಾಧಾಕೃಷ್ಣ ಭಟ್ ಅವರು 2019ರಲ್ಲಿ ಕಾಲೇಜಿನ ಖಾತೆ ತಪಾಸಣೆ ವೇಳೆ ದಾಖಲೆ ಪರಿಶೀಲನೆ ನಡೆಸಿ ಕ್ಲಿಯರೆನ್ಸ್ ನೀಡಲು ರೂ. 2.50 ಲಕ್ಷ ಲಂಚ ಕೇಳಿದ್ದರು ಎಂದು ದೂರು ದಾಖಲಾಗಿತ್ತು. ಲೋಕಾಯುಕ್ತ ಪೊಲೀಸರು ಪ್ರಕರಣ ದಾಖಲಿಸಿ ತನಿಖೆ ನಡೆಸಿದ್ದರು.
ಪ್ರಕರಣದಿಂದ ತನ್ನನ್ನು ಕೈಬಿಡುವಂತೆ ಕೋರಿ ಆರೋಪಿ ಸಲ್ಲಿಸಿದ್ದ ಅರ್ಜಿಯನ್ನು ವಿಚಾರಣೆ ನಡೆಸಿದ ನ್ಯಾಯಾಧೀಶರು ಆರೋಪಿಯ ವಿರುದ್ಧ ಪ್ರಾಥಮಿಕ ಸಾಕ್ಷ್ಯಗಳಿವೆ ಎಂದು ಅಭಿಪ್ರಾಯಪಟ್ಟು ಅರ್ಜಿ ವಜಾಗೊಳಿಸಿದ್ದಾರೆ. ಸರಕಾರದ ಪರ ವಿಶೇಷ ಸರಕಾರಿ ಅಭಿಯೋಜಕರು ವಾದ ಮಂಡಿಸಿದರು.
ಲೋಕಾಯುಕ್ತ ನ್ಯಾಯಾಲಯಕ್ಕೆ ಹಾಜರಾಗಿ ಆರೋಪಿ ತನ್ನ ವಿರುದ್ಧದ ಆರೋಪಗಳನ್ನು ನಿರಾಕರಿಸಿದ್ದರು. ನ್ಯಾಯಾಲಯ ಮುಂದಿನ ವಿಚಾರಣೆಯನ್ನು ಮುಂದೂಡಿದ್ದು, ಸಾಕ್ಷಿಗಳ ವಿಚಾರಣೆ ನಡೆಯಲಿದೆ ಎಂದು ಮೂಲಗಳು ತಿಳಿಸಿವೆ.
ಆನೇಕಲ್ ಯೋಜನಾ ಪ್ರಾಧಿಕಾರ
‘ಚನ್ನ’ ನಂ. 430, ಪ್ರಶಾಂತ ನಗರ್, ಹೊಸೂರು ಮುಖ್ಯರಸ್ತೆ, ಬೆಂಗಳೂರು-560099
www.anekal.tpa.gov.in, www.e-vinyasa.kar.nic.in
ಸಂಖ್ಯೆ: ಆಯೋಪ್ರಾ/ಭೂಪ/ಅ/446/2025-26 ದಿನಾಂಕ: 07.11.2025
ಕರ್ನಾಟಕ ನಗರ ಮತ್ತು ಗ್ರಾಮಾಂತರ ಯೋಜನಾ ಕಾಯ್ದೆ 1961 ರ ಕಲಂ 14(ಎ) ಪ್ರಕಾರ ಭೂ ಉಪಯೋಗ ಬದಲಾವಣೆಗೆ ಅರ್ಜಿ ಸಲ್ಲಿಸಲಾಗಿದ್ದು, ಸಾರ್ವಜನಿಕರಿಂದ ಆಕ್ಷೇಪಣೆಗಳನ್ನು ಆಹ್ವಾನಿಸಲಾಗಿದೆ.
ಕ್ರ.ಸಂ	ಅರ್ಜಿದಾರರ ಹೆಸರು	ತಾಲ್ಲೂಕು	ಹೋಬಳಿ	ಗ್ರಾಮ	ಸ.ನಂ	ವಿಸ್ತೀರ್ಣ ಎ-ಗುಂ	ಮಾಸ್ಟರ್ ಪ್ಲಾನ್ ವಲಯ	ಕೋರಿರುವ ವಲಯ
1	ಶ್ರೀಮತಿ ಎಂ.ಗೀತಮ್ಮ ಕೋಂ. ಲೇಟ್ ಎಂ.ನಾರಾಯಣಪ್ಪ ಮತ್ತು ಇತರರು ಪರವಾಗಿ ಜಿಪಿಎ ಹೋಲ್ಡರ್ M/s. AORN Group	ಆನೇಕಲ್	ಸರ್ಜಾಪುರ	ಗೊಂದಿಕಲ್ಲು	89/4	0-09	ಕೃಷಿ	ವಸತಿ
2	ಶ್ರೀಮತಿ ಎಸ್.ರತ್ನಮ್ಮ ಕೋಂ. ಲೇಟ್ ಎಂ.ರಾಮಪ್ಪ ಮತ್ತು ಇತರರು ಪರವಾಗಿ ಜಿಪಿಎ ಹೋಲ್ಡರ್ M/s. AORN Group	ಆನೇಕಲ್	ಸರ್ಜಾಪುರ	ಗೊಂದಿಕಲ್ಲು	127/5	1-35	ಕೃಷಿ	ವಸತಿ
ಮೇಲ್ಕಂಡ ಜಮೀನುಗಳ ಭೂ ಉಪಯೋಗ ಬದಲಾವಣೆಗೆ ಆಕ್ಷೇಪಣೆಗಳಿದ್ದಲ್ಲಿ ಈ ಪ್ರಕಟಣೆ ಹೊರಡಿಸಿದ 30 ದಿನಗಳೊಳಗೆ ಲಿಖಿತವಾಗಿ ಸಲ್ಲಿಸಬಹುದು.
ಸದಸ್ಯ-ಕಾರ್ಯದರ್ಶಿ ಹಾಗೂ ನಗರ ಮತ್ತು ಗ್ರಾಮಾಂತರ ಯೋಜನಾ ಜಂಟಿ ನಿರ್ದೇಶಕರು, ಆನೇಕಲ್ ಯೋಜನಾ ಪ್ರಾಧಿಕಾರ, ಆನೇಕಲ್
DIPR/CP/VCPL/4528/2025-26
